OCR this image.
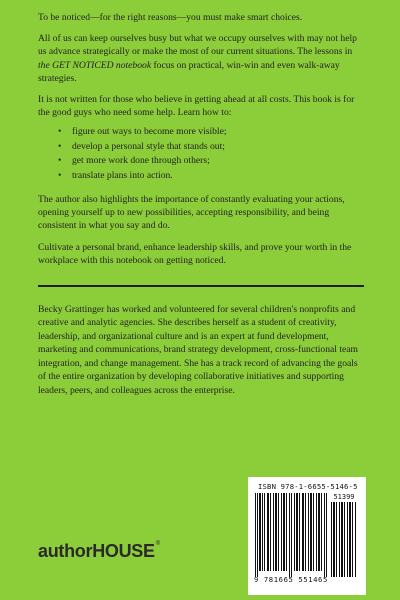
To be noticed—for the right reasons—you must make smart choices.

All of us can keep ourselves busy but what we occupy ourselves with may not help us advance strategically or make the most of our current situations. The lessons in the GET NOTICED notebook focus on practical, win-win and even walk-away strategies.

It is not written for those who believe in getting ahead at all costs. This book is for the good guys who need some help. Learn how to:

• figure out ways to become more visible;
• develop a personal style that stands out;
• get more work done through others;
• translate plans into action.

The author also highlights the importance of constantly evaluating your actions, opening yourself up to new possibilities, accepting responsibility, and being consistent in what you say and do.

Cultivate a personal brand, enhance leadership skills, and prove your worth in the workplace with this notebook on getting noticed.

Becky Grattinger has worked and volunteered for several children's nonprofits and creative and analytic agencies. She describes herself as a student of creativity, leadership, and organizational culture and is an expert at fund development, marketing and communications, brand strategy development, cross-functional team integration, and change management. She has a track record of advancing the goals of the entire organization by developing collaborative initiatives and supporting leaders, peers, and colleagues across the enterprise.

authorHOUSE®
ISBN 978-1-6655-5146-5
51399
9 781665 551465
